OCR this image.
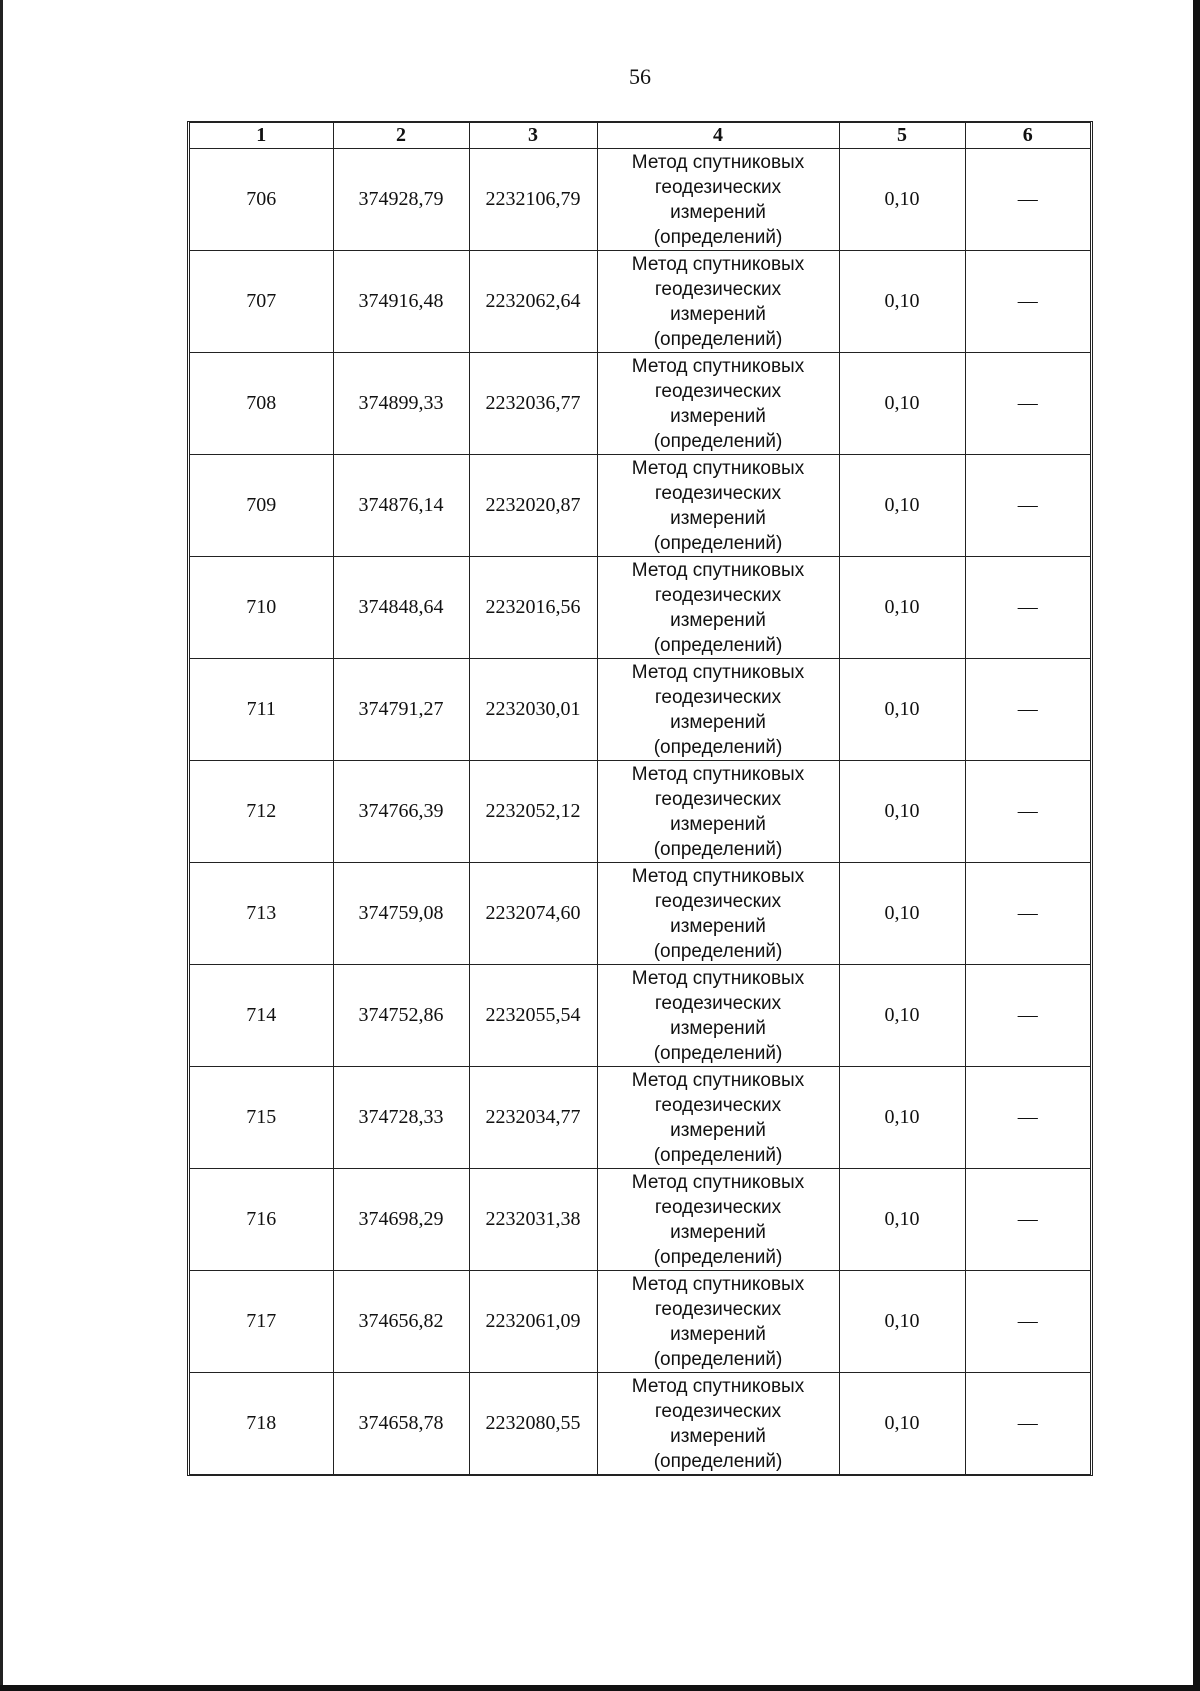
56
1	2	3	4	5	6
706	374928,79	2232106,79	Метод спутниковых
геодезических
измерений
(определений)	0,10	—
707	374916,48	2232062,64	Метод спутниковых
геодезических
измерений
(определений)	0,10	—
708	374899,33	2232036,77	Метод спутниковых
геодезических
измерений
(определений)	0,10	—
709	374876,14	2232020,87	Метод спутниковых
геодезических
измерений
(определений)	0,10	—
710	374848,64	2232016,56	Метод спутниковых
геодезических
измерений
(определений)	0,10	—
711	374791,27	2232030,01	Метод спутниковых
геодезических
измерений
(определений)	0,10	—
712	374766,39	2232052,12	Метод спутниковых
геодезических
измерений
(определений)	0,10	—
713	374759,08	2232074,60	Метод спутниковых
геодезических
измерений
(определений)	0,10	—
714	374752,86	2232055,54	Метод спутниковых
геодезических
измерений
(определений)	0,10	—
715	374728,33	2232034,77	Метод спутниковых
геодезических
измерений
(определений)	0,10	—
716	374698,29	2232031,38	Метод спутниковых
геодезических
измерений
(определений)	0,10	—
717	374656,82	2232061,09	Метод спутниковых
геодезических
измерений
(определений)	0,10	—
718	374658,78	2232080,55	Метод спутниковых
геодезических
измерений
(определений)	0,10	—
